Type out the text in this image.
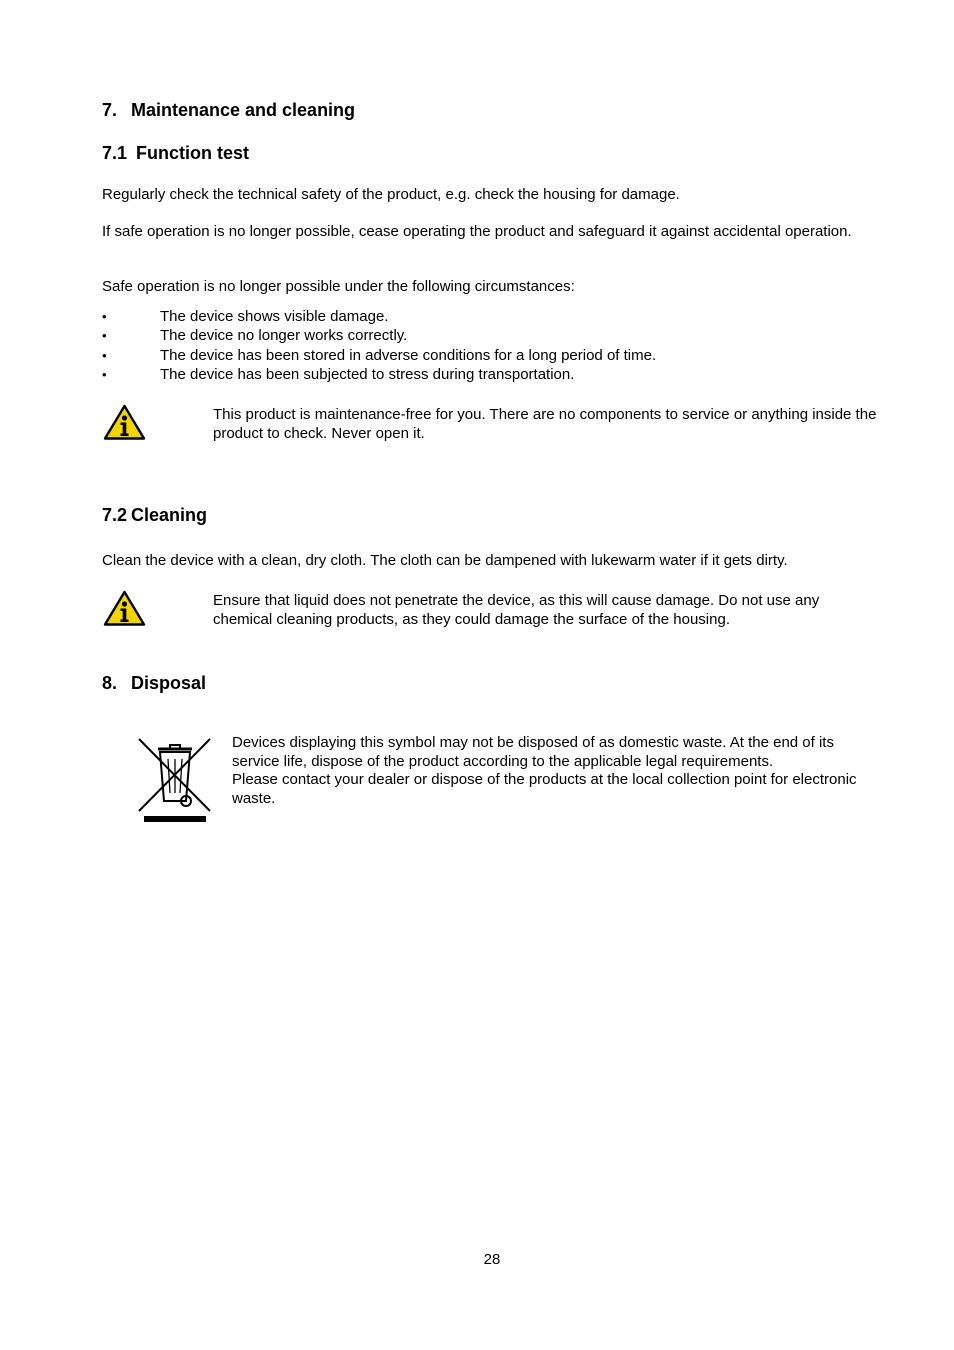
7. Maintenance and cleaning
7.1 Function test

Regularly check the technical safety of the product, e.g. check the housing for damage.

If safe operation is no longer possible, cease operating the product and safeguard it against accidental operation.

Safe operation is no longer possible under the following circumstances:

• The device shows visible damage.
• The device no longer works correctly.
• The device has been stored in adverse conditions for a long period of time.
• The device has been subjected to stress during transportation.

This product is maintenance-free for you. There are no components to service or anything inside the product to check. Never open it.

7.2 Cleaning

Clean the device with a clean, dry cloth. The cloth can be dampened with lukewarm water if it gets dirty.

Ensure that liquid does not penetrate the device, as this will cause damage. Do not use any chemical cleaning products, as they could damage the surface of the housing.

8. Disposal

Devices displaying this symbol may not be disposed of as domestic waste. At the end of its service life, dispose of the product according to the applicable legal requirements.

Please contact your dealer or dispose of the products at the local collection point for electronic waste.

28
